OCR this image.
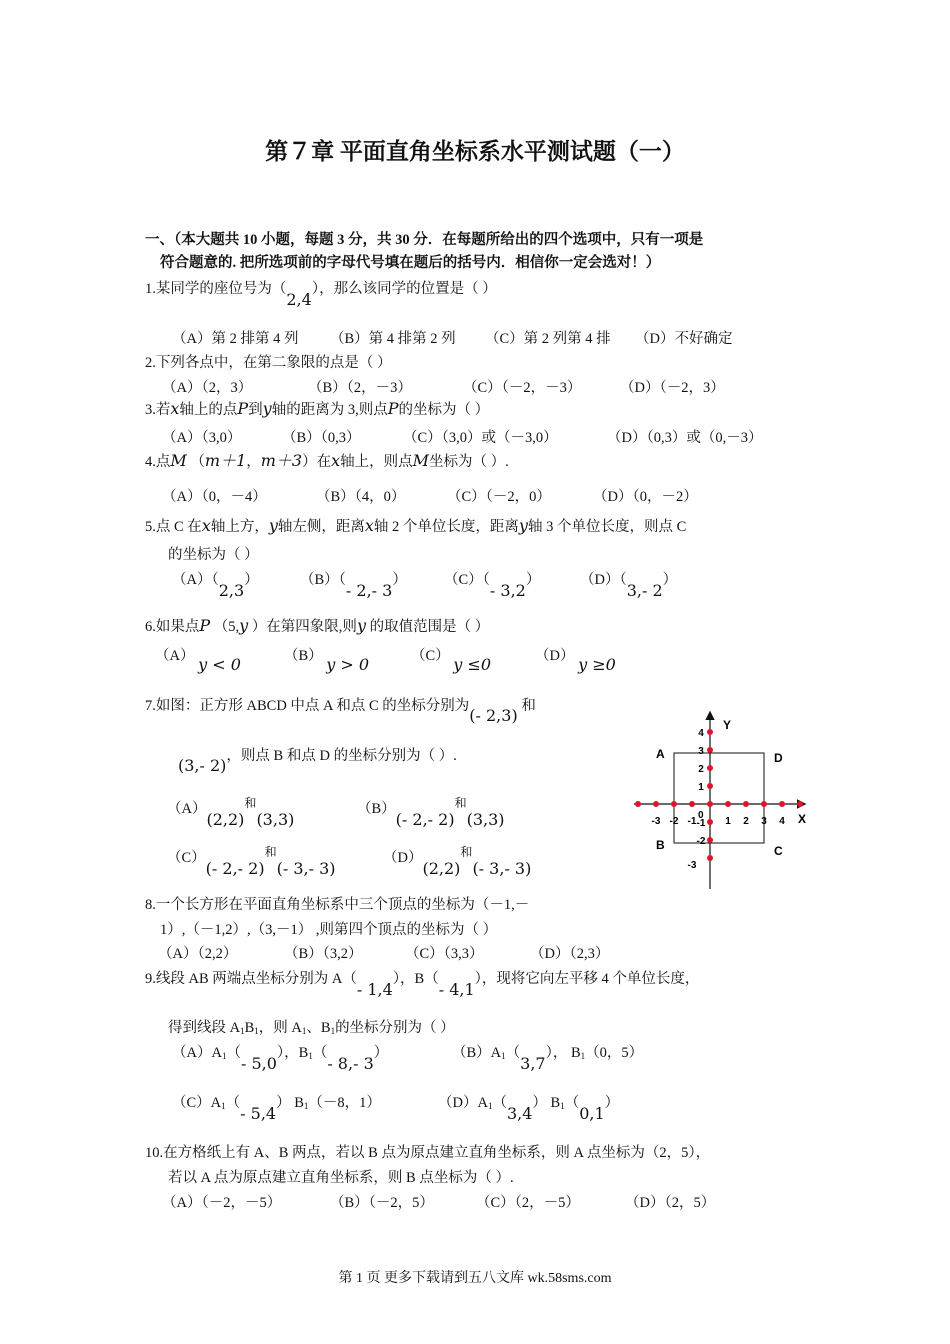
第７章 平面直角坐标系水平测试题（一）
一、（本大题共 10 小题，每题 3 分，共 30 分．在每题所给出的四个选项中，只有一项是
符合题意的. 把所选项前的字母代号填在题后的括号内．相信你一定会选对！）
1.某同学的座位号为（2,4），那么该同学的位置是（ ）
（A）第 2 排第 4 列 （B）第 4 排第 2 列 （C）第 2 列第 4 排 （D）不好确定
2.下列各点中，在第二象限的点是（ ）
（A）（2，3）	（B）（2，－3）	（C）（－2，－3）	（D）（－2，3）
3.若x轴上的点P到y轴的距离为 3,则点P的坐标为（ ）
（A）（3,0）	（B）（0,3）	（C）（3,0）或（－3,0）	（D）（0,3）或（0,－3）
4.点M （m＋1，m＋3）在x轴上，则点M坐标为（ ）.
（A）（0，－4）	（B）（4，0）	（C）（－2，0）	（D）（0，－2）
5.点 C 在x轴上方，y轴左侧，距离x轴 2 个单位长度，距离y轴 3 个单位长度，则点 C
的坐标为（ ）
（A）（2,3）	（B）（- 2,- 3）	（C）（- 3,2）	（D）（3,- 2）
6.如果点P （5,y ）在第四象限,则y 的取值范围是（ ）
（A） y < 0	（B） y > 0	（C） y ≤0	（D） y ≥0
7.如图：正方形 ABCD 中点 A 和点 C 的坐标分别为(- 2,3) 和
(3,- 2)，则点 B 和点 D 的坐标分别为（ ）.
$(A)(2,2)^和(3,3)$
（B）(- 2,- 2)$^和$(3,3)
（C）(- 2,- 2)$^和$(- 3,- 3)
$(D)(2,2)^和(-$ 3,- 3)
Y
X
A	D
B	C
0
-3 -2 -1	1 2 3 4
4
3
2
1
-1
-2
-3
8.一个长方形在平面直角坐标系中三个顶点的坐标为（－1,－
1）,（－1,2）,（3,－1） ,则第四个顶点的坐标为（ ）
（A）（2,2）	（B）（3,2）	（C）（3,3）	（D）（2,3）
9.线段 AB 两端点坐标分别为 A（- 1,4），B（- 4,1），现将它向左平移 4 个单位长度，
得到线段 $A_1B_1$，则 $A_1$、$B_1$的坐标分别为（ ）
$(A)A_1(-$ 5,0），$B_1(-$ 8,- 3）	$(B)A_1(3,7)$， $B_1(0$，5）
$(C)A_1(-$ 5,4） $B_1(-8$，1）	$(D)A_1(3,4)$ $B_1(0,1)$
10.在方格纸上有 A、B 两点，若以 B 点为原点建立直角坐标系，则 A 点坐标为（2，5），
若以 A 点为原点建立直角坐标系，则 B 点坐标为（ ）.
（A）（－2，－5）	（B）（－2，5）	（C）（2，－5）	（D）（2，5）
第 1 页 更多下载请到五八文库 wk.58sms.com
